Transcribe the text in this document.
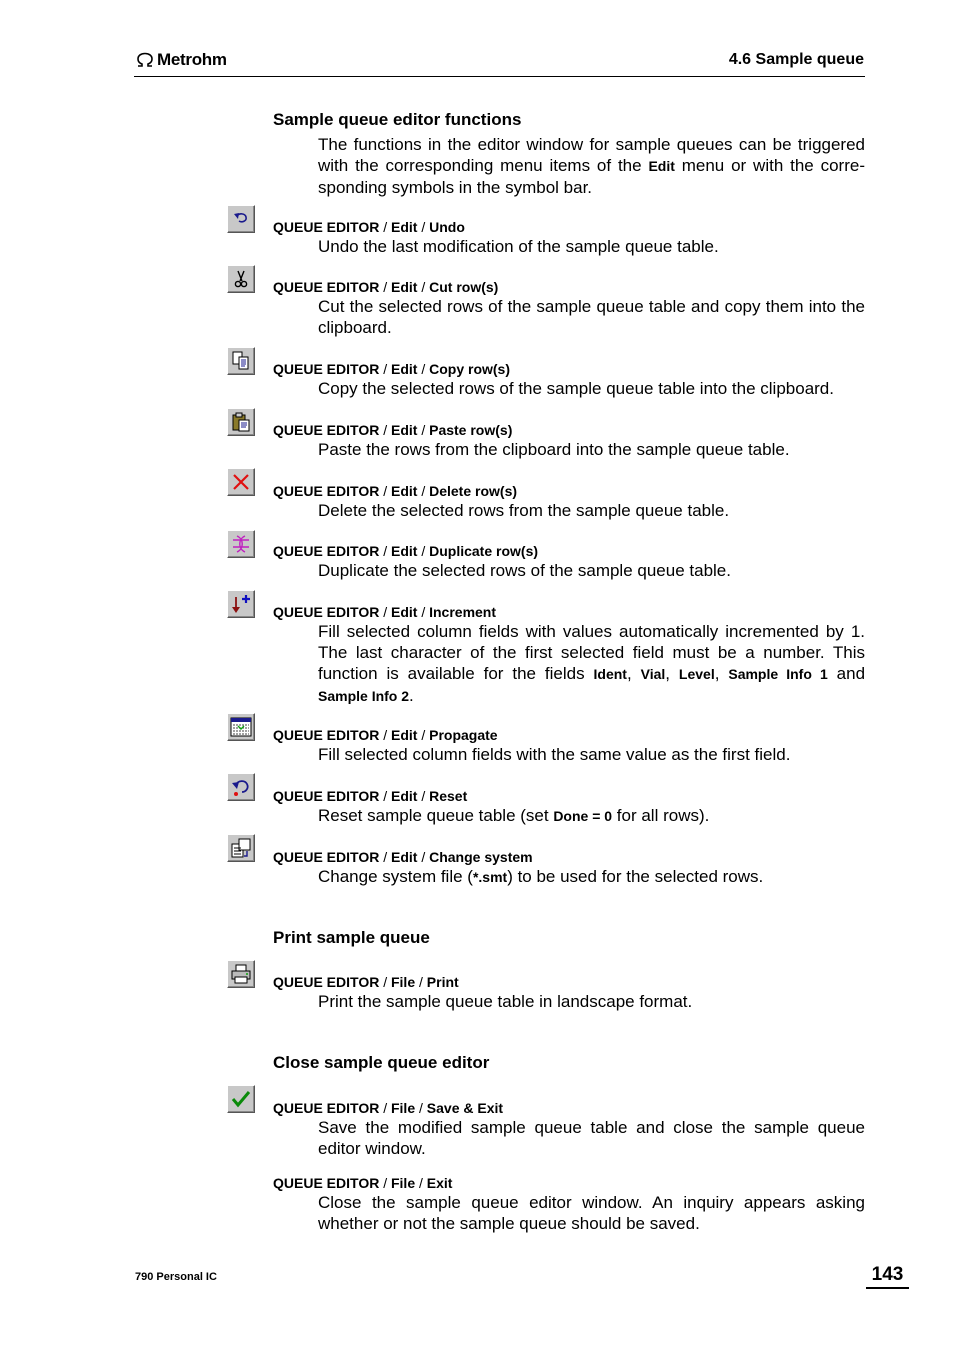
Metrohm	4.6 Sample queue
Sample queue editor functions
The functions in the editor window for sample queues can be triggered with the corresponding menu items of the Edit menu or with the corresponding symbols in the symbol bar.
QUEUE EDITOR / Edit / Undo
Undo the last modification of the sample queue table.
QUEUE EDITOR / Edit / Cut row(s)
Cut the selected rows of the sample queue table and copy them into the clipboard.
QUEUE EDITOR / Edit / Copy row(s)
Copy the selected rows of the sample queue table into the clipboard.
QUEUE EDITOR / Edit / Paste row(s)
Paste the rows from the clipboard into the sample queue table.
QUEUE EDITOR / Edit / Delete row(s)
Delete the selected rows from the sample queue table.
QUEUE EDITOR / Edit / Duplicate row(s)
Duplicate the selected rows of the sample queue table.
QUEUE EDITOR / Edit / Increment
Fill selected column fields with values automatically incremented by 1. The last character of the first selected field must be a number. This function is available for the fields Ident, Vial, Level, Sample Info 1 and Sample Info 2.
QUEUE EDITOR / Edit / Propagate
Fill selected column fields with the same value as the first field.
QUEUE EDITOR / Edit / Reset
Reset sample queue table (set Done = 0 for all rows).
QUEUE EDITOR / Edit / Change system
Change system file (*.smt) to be used for the selected rows.
Print sample queue
QUEUE EDITOR / File / Print
Print the sample queue table in landscape format.
Close sample queue editor
QUEUE EDITOR / File / Save & Exit
Save the modified sample queue table and close the sample queue editor window.
QUEUE EDITOR / File / Exit
Close the sample queue editor window. An inquiry appears asking whether or not the sample queue should be saved.
790 Personal IC	143
